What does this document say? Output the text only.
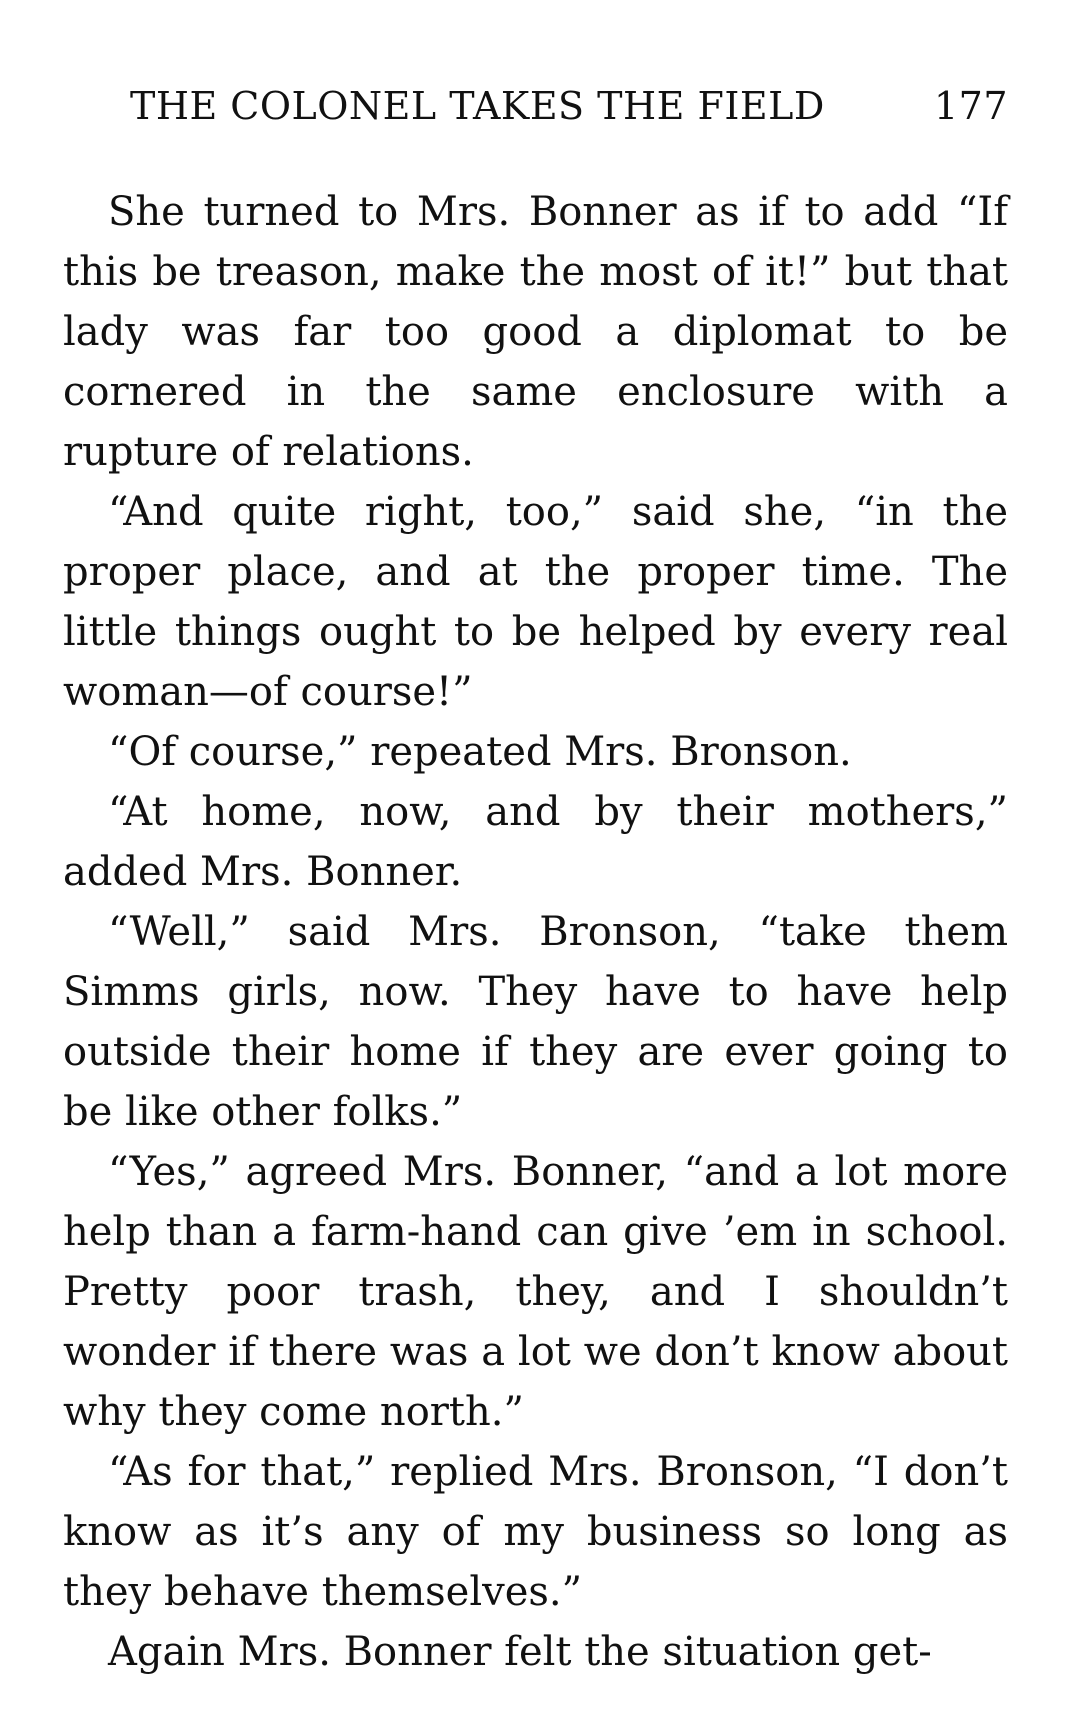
THE COLONEL TAKES THE FIELD	177

She turned to Mrs. Bonner as if to add “If this be treason, make the most of it!” but that lady was far too good a diplomat to be cornered in the same enclosure with a rupture of relations.

“And quite right, too,” said she, “in the proper place, and at the proper time. The little things ought to be helped by every real woman—of course!”

“Of course,” repeated Mrs. Bronson.

“At home, now, and by their mothers,” added Mrs. Bonner.

“Well,” said Mrs. Bronson, “take them Simms girls, now. They have to have help outside their home if they are ever going to be like other folks.”

“Yes,” agreed Mrs. Bonner, “and a lot more help than a farm-hand can give ’em in school. Pretty poor trash, they, and I shouldn’t wonder if there was a lot we don’t know about why they come north.”

“As for that,” replied Mrs. Bronson, “I don’t know as it’s any of my business so long as they behave themselves.”

Again Mrs. Bonner felt the situation get-
